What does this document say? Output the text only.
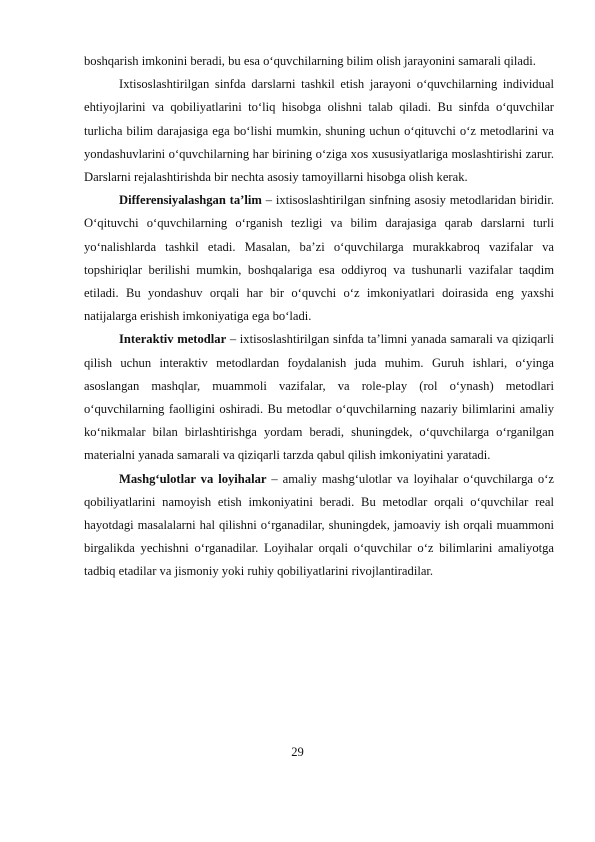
boshqarish imkonini beradi, bu esa o‘quvchilarning bilim olish jarayonini samarali qiladi.

Ixtisoslashtirilgan sinfda darslarni tashkil etish jarayoni o‘quvchilarning individual ehtiyojlarini va qobiliyatlarini to‘liq hisobga olishni talab qiladi. Bu sinfda o‘quvchilar turlicha bilim darajasiga ega bo‘lishi mumkin, shuning uchun o‘qituvchi o‘z metodlarini va yondashuvlarini o‘quvchilarning har birining o‘ziga xos xususiyatlariga moslashtirishi zarur. Darslarni rejalashtirishda bir nechta asosiy tamoyillarni hisobga olish kerak.

Differensiyalashgan ta’lim – ixtisoslashtirilgan sinfning asosiy metodlaridan biridir. O‘qituvchi o‘quvchilarning o‘rganish tezligi va bilim darajasiga qarab darslarni turli yo‘nalishlarda tashkil etadi. Masalan, ba’zi o‘quvchilarga murakkabroq vazifalar va topshiriqlar berilishi mumkin, boshqalariga esa oddiyroq va tushunarli vazifalar taqdim etiladi. Bu yondashuv orqali har bir o‘quvchi o‘z imkoniyatlari doirasida eng yaxshi natijalarga erishish imkoniyatiga ega bo‘ladi.

Interaktiv metodlar – ixtisoslashtirilgan sinfda ta’limni yanada samarali va qiziqarli qilish uchun interaktiv metodlardan foydalanish juda muhim. Guruh ishlari, o‘yinga asoslangan mashqlar, muammoli vazifalar, va role-play (rol o‘ynash) metodlari o‘quvchilarning faolligini oshiradi. Bu metodlar o‘quvchilarning nazariy bilimlarini amaliy ko‘nikmalar bilan birlashtirishga yordam beradi, shuningdek, o‘quvchilarga o‘rganilgan materialni yanada samarali va qiziqarli tarzda qabul qilish imkoniyatini yaratadi.

Mashg‘ulotlar va loyihalar – amaliy mashg‘ulotlar va loyihalar o‘quvchilarga o‘z qobiliyatlarini namoyish etish imkoniyatini beradi. Bu metodlar orqali o‘quvchilar real hayotdagi masalalarni hal qilishni o‘rganadilar, shuningdek, jamoaviy ish orqali muammoni birgalikda yechishni o‘rganadilar. Loyihalar orqali o‘quvchilar o‘z bilimlarini amaliyotga tadbiq etadilar va jismoniy yoki ruhiy qobiliyatlarini rivojlantiradilar.

29
